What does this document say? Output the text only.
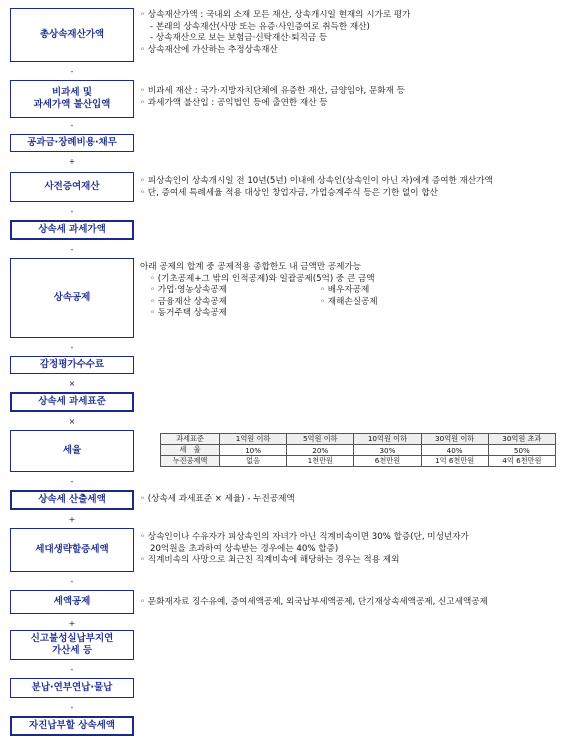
총상속재산가액
-
비과세 및
과세가액 불산입액
-
공과금·장례비용·채무
+
사전증여재산
-
상속세 과세가액
-
상속공제
-
감정평가수수료
×
상속세 과세표준
×
세율
-
상속세 산출세액
+
세대생략할증세액
-
세액공제
+
신고불성실납부지연
가산세 등
-
분납·연부연납·물납
-
자진납부할 상속세액
◦ 상속재산가액 : 국내외 소재 모든 재산, 상속개시일 현재의 시가로 평가
- 본래의 상속재산(사망 또는 유증·사인증여로 취득한 재산)
- 상속재산으로 보는 보험금·신탁재산·퇴직금 등
◦ 상속재산에 가산하는 추정상속재산
◦ 비과세 재산 : 국가·지방자치단체에 유증한 재산, 금양임야, 문화재 등
◦ 과세가액 불산입 : 공익법인 등에 출연한 재산 등
◦ 피상속인이 상속개시일 전 10년(5년) 이내에 상속인(상속인이 아닌 자)에게 증여한 재산가액
◦ 단, 증여세 특례세율 적용 대상인 창업자금, 가업승계주식 등은 기한 없이 합산
아래 공제의 합계 중 공제적용 종합한도 내 금액만 공제가능
◦ (기초공제+그 밖의 인적공제)와 일괄공제(5억) 중 큰 금액
◦ 가업·영농상속공제
◦ 금융재산 상속공제
◦ 동거주택 상속공제
◦ 배우자공제
◦ 재해손실공제
과세표준	1억원 이하	5억원 이하	10억원 이하	30억원 이하	30억원 초과
세　율	10%	20%	30%	40%	50%
누진공제액	없음	1천만원	6천만원	1억 6천만원	4억 6천만원
◦ (상속세 과세표준 × 세율) - 누진공제액
◦ 상속인이나 수유자가 피상속인의 자녀가 아닌 직계비속이면 30% 할증(단, 미성년자가
20억원을 초과하여 상속받는 경우에는 40% 할증)
◦ 직계비속의 사망으로 최근친 직계비속에 해당하는 경우는 적용 제외
◦ 문화재자료 징수유예, 증여세액공제, 외국납부세액공제, 단기재상속세액공제, 신고세액공제
